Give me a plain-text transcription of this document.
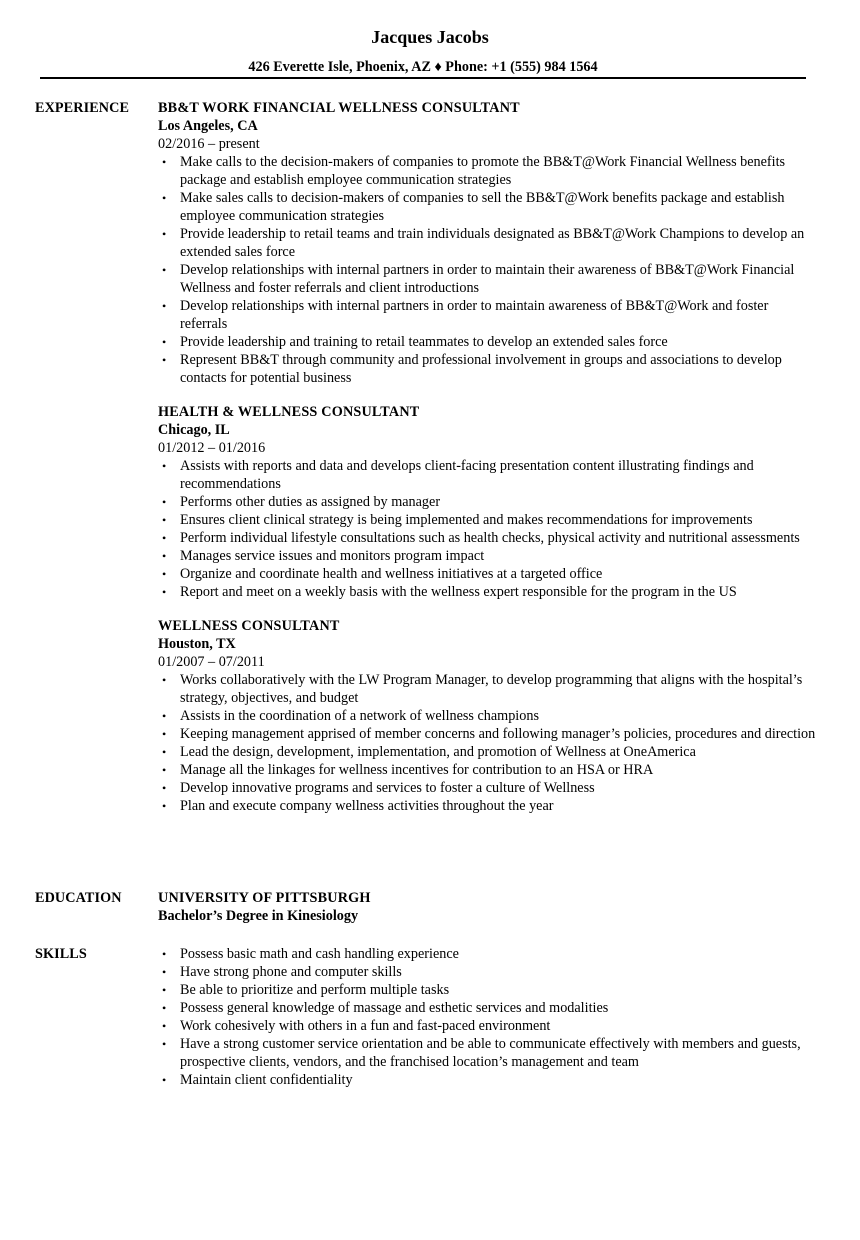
Jacques Jacobs
426 Everette Isle, Phoenix, AZ ♦ Phone: +1 (555) 984 1564
EXPERIENCE BB&T WORK FINANCIAL WELLNESS CONSULTANT
Los Angeles, CA
02/2016 – present
• Make calls to the decision-makers of companies to promote the BB&T@Work Financial Wellness benefits package and establish employee communication strategies
• Make sales calls to decision-makers of companies to sell the BB&T@Work benefits package and establish employee communication strategies
• Provide leadership to retail teams and train individuals designated as BB&T@Work Champions to develop an extended sales force
• Develop relationships with internal partners in order to maintain their awareness of BB&T@Work Financial Wellness and foster referrals and client introductions
• Develop relationships with internal partners in order to maintain awareness of BB&T@Work and foster referrals
• Provide leadership and training to retail teammates to develop an extended sales force
• Represent BB&T through community and professional involvement in groups and associations to develop contacts for potential business
HEALTH & WELLNESS CONSULTANT
Chicago, IL
01/2012 – 01/2016
• Assists with reports and data and develops client-facing presentation content illustrating findings and recommendations
• Performs other duties as assigned by manager
• Ensures client clinical strategy is being implemented and makes recommendations for improvements
• Perform individual lifestyle consultations such as health checks, physical activity and nutritional assessments
• Manages service issues and monitors program impact
• Organize and coordinate health and wellness initiatives at a targeted office
• Report and meet on a weekly basis with the wellness expert responsible for the program in the US
WELLNESS CONSULTANT
Houston, TX
01/2007 – 07/2011
• Works collaboratively with the LW Program Manager, to develop programming that aligns with the hospital’s strategy, objectives, and budget
• Assists in the coordination of a network of wellness champions
• Keeping management apprised of member concerns and following manager’s policies, procedures and direction
• Lead the design, development, implementation, and promotion of Wellness at OneAmerica
• Manage all the linkages for wellness incentives for contribution to an HSA or HRA
• Develop innovative programs and services to foster a culture of Wellness
• Plan and execute company wellness activities throughout the year
EDUCATION	UNIVERSITY OF PITTSBURGH
Bachelor’s Degree in Kinesiology
SKILLS	• Possess basic math and cash handling experience
• Have strong phone and computer skills
• Be able to prioritize and perform multiple tasks
• Possess general knowledge of massage and esthetic services and modalities
• Work cohesively with others in a fun and fast-paced environment
• Have a strong customer service orientation and be able to communicate effectively with members and guests, prospective clients, vendors, and the franchised location’s management and team
• Maintain client confidentiality
